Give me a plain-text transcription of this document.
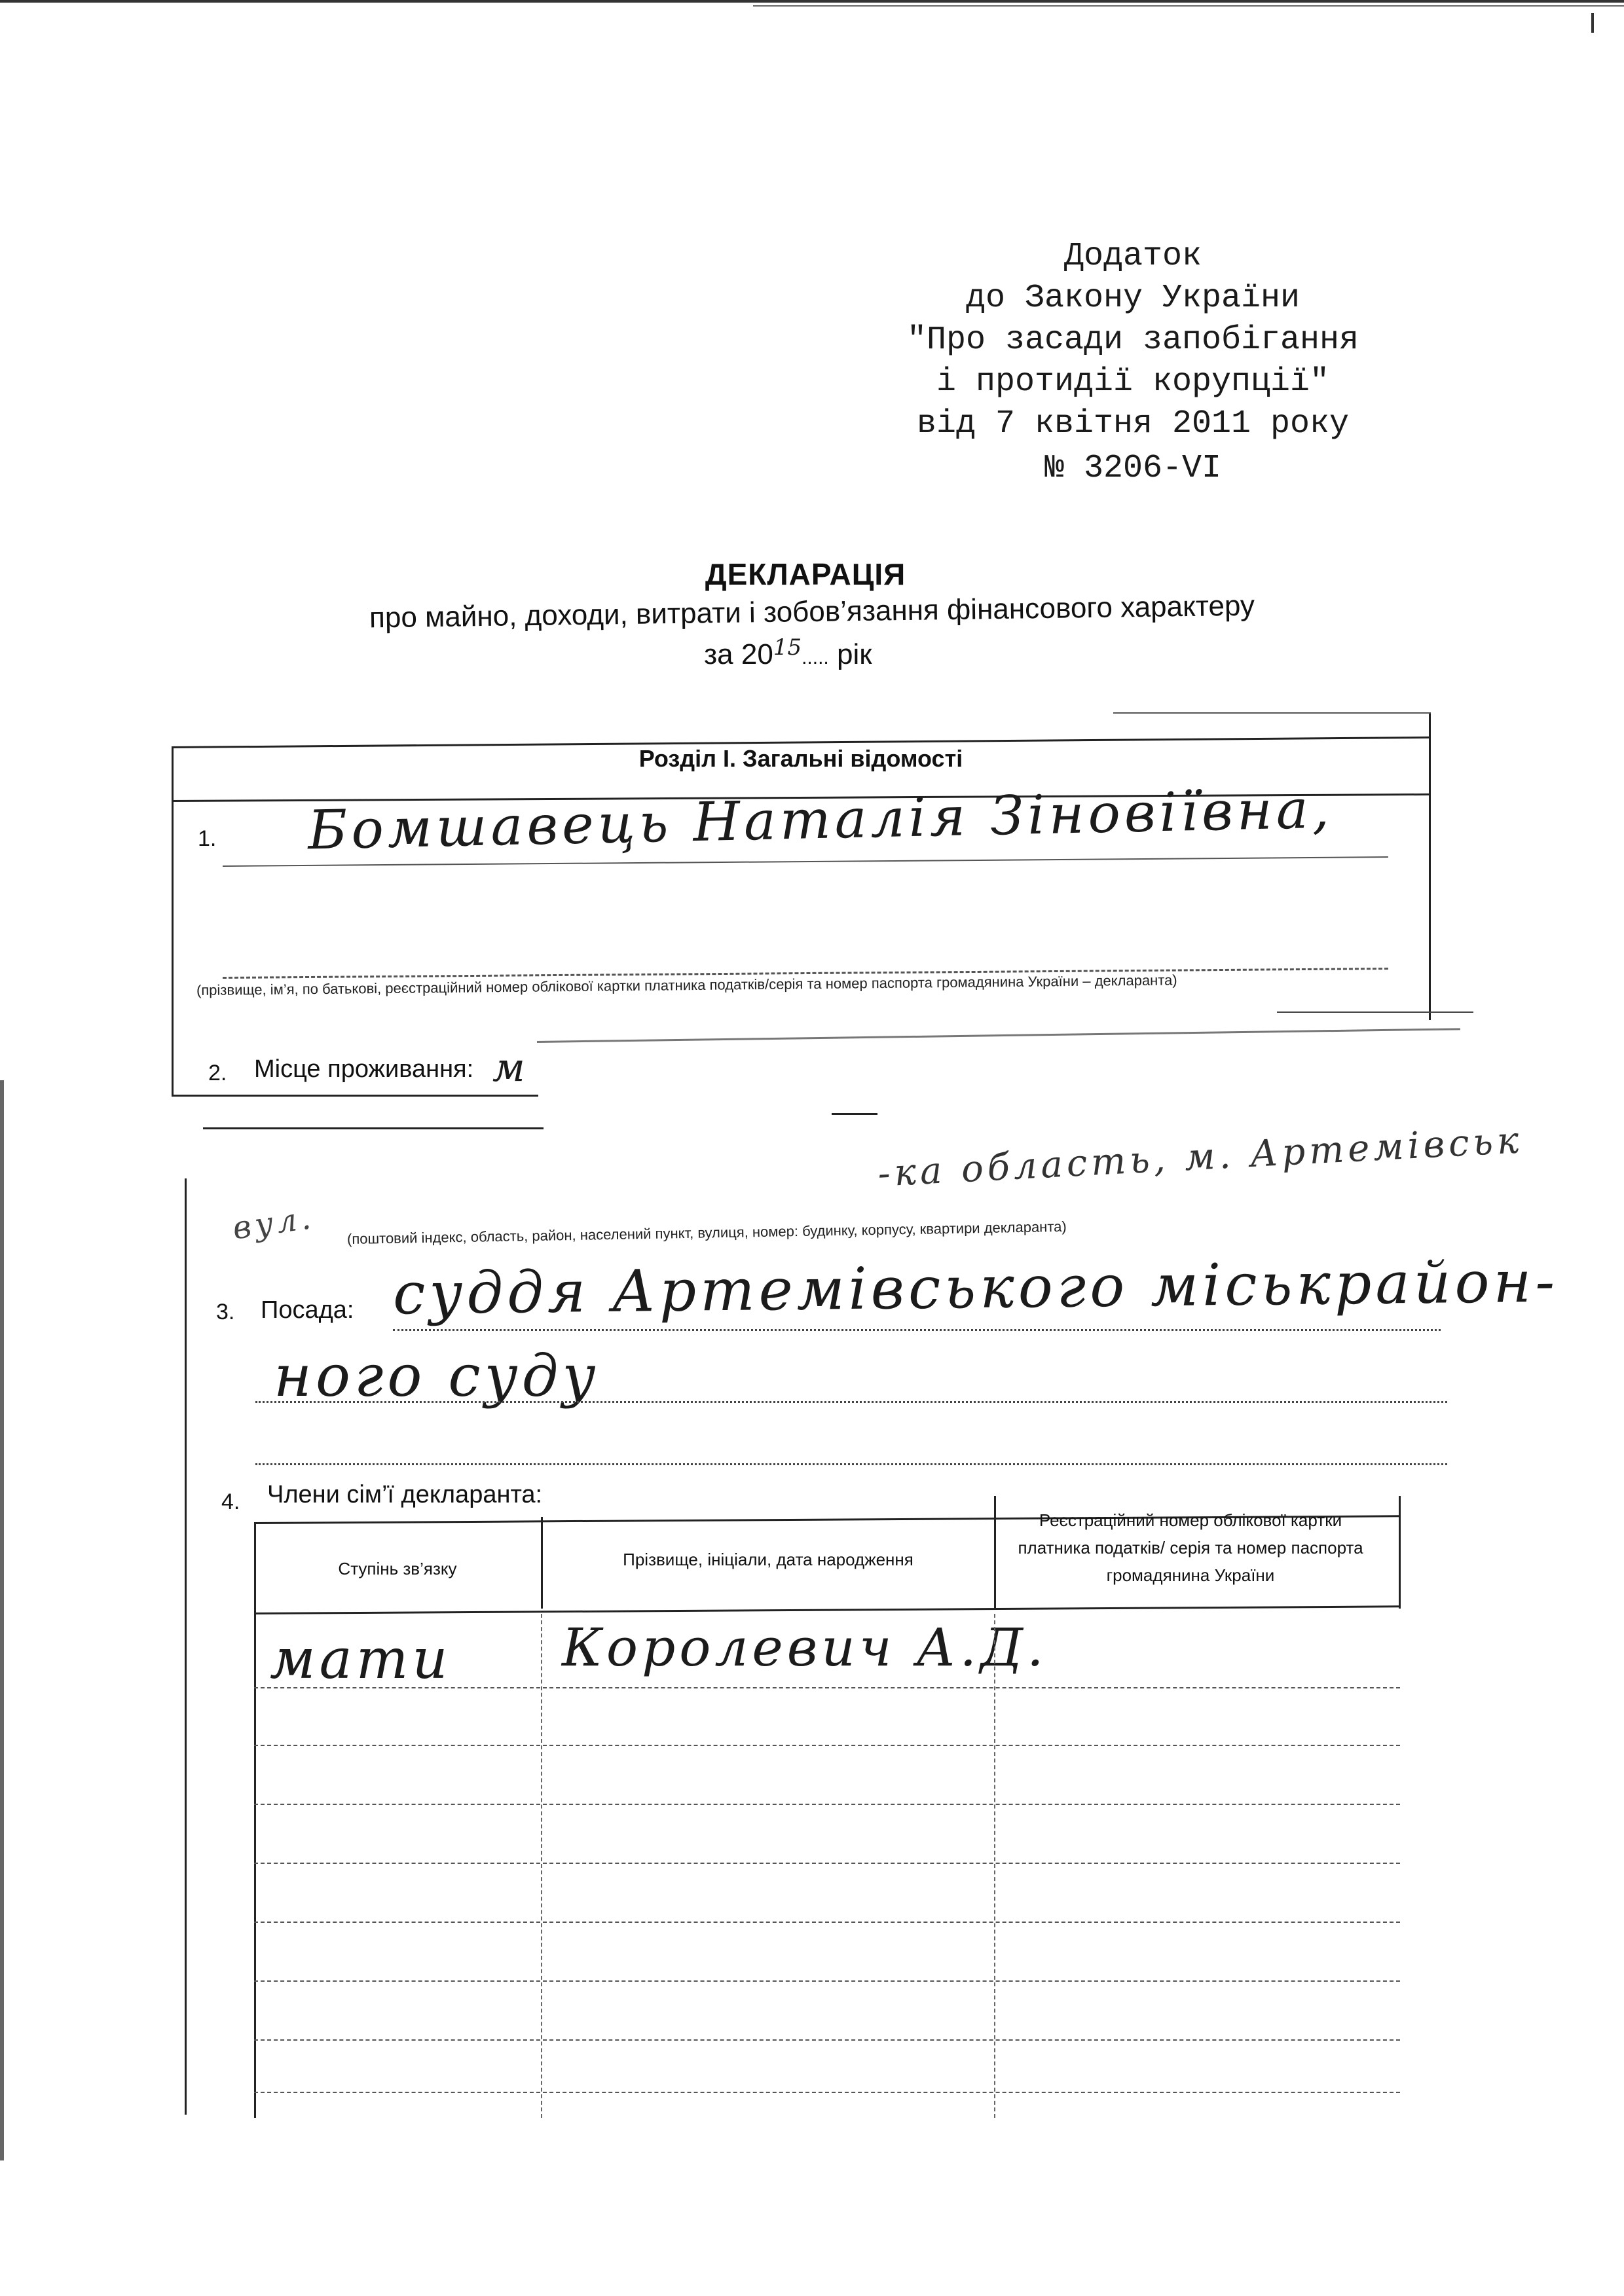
Додаток
до Закону України
"Про засади запобігання
і протидії корупції"
від 7 квітня 2011 року
№ 3206-VI
ДЕКЛАРАЦІЯ
про майно, доходи, витрати і зобов’язання фінансового характеру
за $20^{15}$..... рік
Розділ І. Загальні відомості
1. Бомшавець Наталія Зіновіївна,
(прізвище, ім’я, по батькові, реєстраційний номер облікової картки платника податків/серія та номер паспорта громадянина України – декларанта)
2. Місце проживання: м
-ка область, м. Артемівськ
вул. (поштовий індекс, область, район, населений пункт, вулиця, номер: будинку, корпусу, квартири декларанта)
3. Посада: суддя Артемівського міськрайон-
ного суду
4. Члени сім’ї декларанта:
Ступінь зв’язку	Прізвище, ініціали, дата народження
Реєстраційний номер облікової картки платника податків/ серія та номер паспорта громадянина України
мати Королевич А.Д.
